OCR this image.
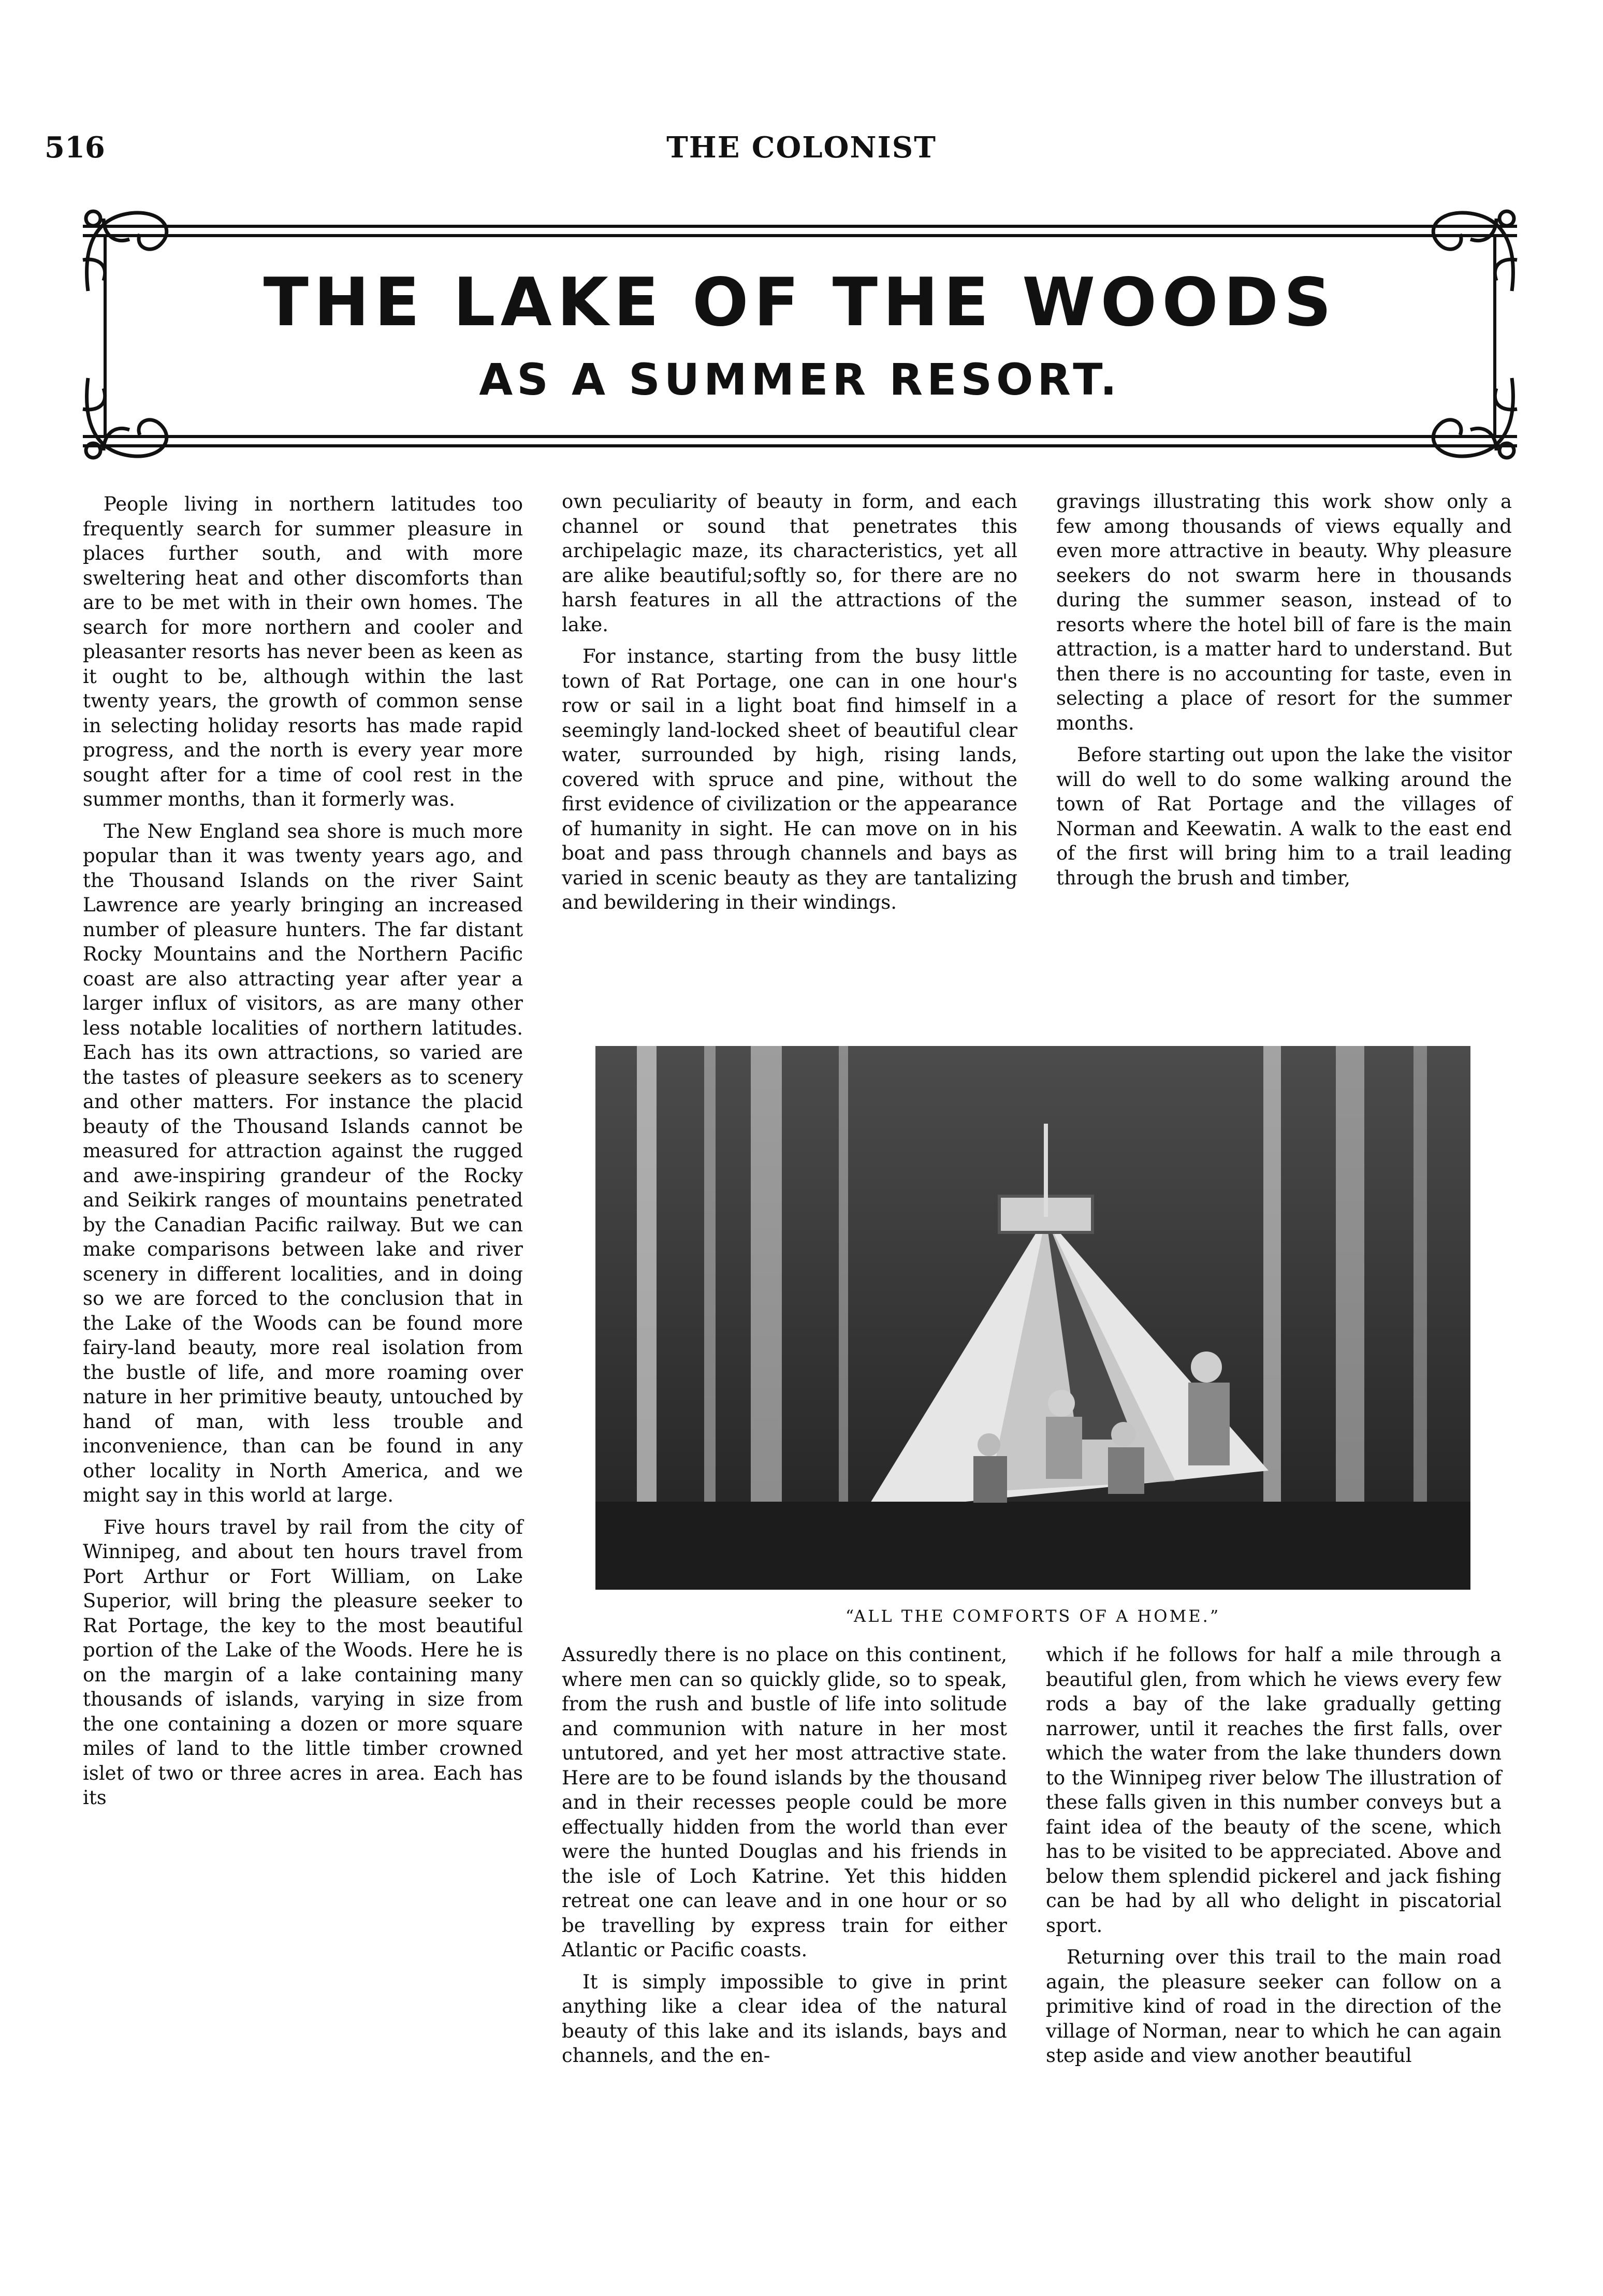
516	THE COLONIST
THE LAKE OF THE WOODS
AS A SUMMER RESORT.

People living in northern latitudes too frequently search for summer pleasure in places further south, and with more sweltering heat and other discomforts than are to be met with in their own homes. The search for more northern and cooler and pleasanter resorts has never been as keen as it ought to be, although within the last twenty years, the growth of common sense in selecting holiday resorts has made rapid progress, and the north is every year more sought after for a time of cool rest in the summer months, than it formerly was.

The New England sea shore is much more popular than it was twenty years ago, and the Thousand Islands on the river Saint Lawrence are yearly bringing an increased number of pleasure hunters. The far distant Rocky Mountains and the Northern Pacific coast are also attracting year after year a larger influx of visitors, as are many other less notable localities of northern latitudes. Each has its own attractions, so varied are the tastes of pleasure seekers as to scenery and other matters. For instance the placid beauty of the Thousand Islands cannot be measured for attraction against the rugged and awe-inspiring grandeur of the Rocky and Seikirk ranges of mountains penetrated by the Canadian Pacific railway. But we can make comparisons between lake and river scenery in different localities, and in doing so we are forced to the conclusion that in the Lake of the Woods can be found more fairy-land beauty, more real isolation from the bustle of life, and more roaming over nature in her primitive beauty, untouched by hand of man, with less trouble and inconvenience, than can be found in any other locality in North America, and we might say in this world at large.

Five hours travel by rail from the city of Winnipeg, and about ten hours travel from Port Arthur or Fort William, on Lake Superior, will bring the pleasure seeker to Rat Portage, the key to the most beautiful portion of the Lake of the Woods. Here he is on the margin of a lake containing many thousands of islands, varying in size from the one containing a dozen or more square miles of land to the little timber crowned islet of two or three acres in area. Each has its

own peculiarity of beauty in form, and each channel or sound that penetrates this archipelagic maze, its characteristics, yet all are alike beautiful;softly so, for there are no harsh features in all the attractions of the lake.

For instance, starting from the busy little town of Rat Portage, one can in one hour's row or sail in a light boat find himself in a seemingly land-locked sheet of beautiful clear water, surrounded by high, rising lands, covered with spruce and pine, without the first evidence of civilization or the appearance of humanity in sight. He can move on in his boat and pass through channels and bays as varied in scenic beauty as they are tantalizing and bewildering in their windings.

gravings illustrating this work show only a few among thousands of views equally and even more attractive in beauty. Why pleasure seekers do not swarm here in thousands during the summer season, instead of to resorts where the hotel bill of fare is the main attraction, is a matter hard to understand. But then there is no accounting for taste, even in selecting a place of resort for the summer months.

Before starting out upon the lake the visitor will do well to do some walking around the town of Rat Portage and the villages of Norman and Keewatin. A walk to the east end of the first will bring him to a trail leading through the brush and timber,

“ALL THE COMFORTS OF A HOME.”

Assuredly there is no place on this continent, where men can so quickly glide, so to speak, from the rush and bustle of life into solitude and communion with nature in her most untutored, and yet her most attractive state. Here are to be found islands by the thousand and in their recesses people could be more effectually hidden from the world than ever were the hunted Douglas and his friends in the isle of Loch Katrine. Yet this hidden retreat one can leave and in one hour or so be travelling by express train for either Atlantic or Pacific coasts.

It is simply impossible to give in print anything like a clear idea of the natural beauty of this lake and its islands, bays and channels, and the en-

which if he follows for half a mile through a beautiful glen, from which he views every few rods a bay of the lake gradually getting narrower, until it reaches the first falls, over which the water from the lake thunders down to the Winnipeg river below The illustration of these falls given in this number conveys but a faint idea of the beauty of the scene, which has to be visited to be appreciated. Above and below them splendid pickerel and jack fishing can be had by all who delight in piscatorial sport.

Returning over this trail to the main road again, the pleasure seeker can follow on a primitive kind of road in the direction of the village of Norman, near to which he can again step aside and view another beautiful
